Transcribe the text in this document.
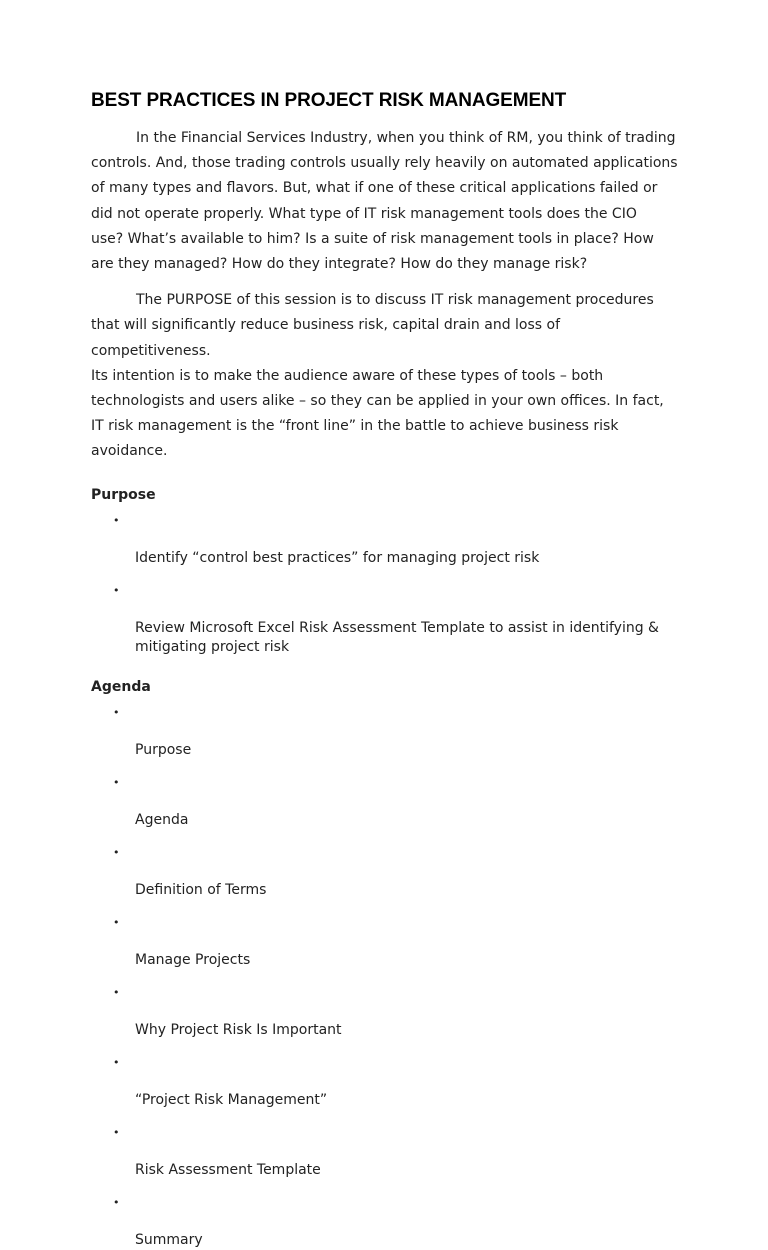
BEST PRACTICES IN PROJECT RISK MANAGEMENT

In the Financial Services Industry, when you think of RM, you think of trading
controls. And, those trading controls usually rely heavily on automated applications
of many types and flavors. But, what if one of these critical applications failed or
did not operate properly. What type of IT risk management tools does the CIO
use? What’s available to him? Is a suite of risk management tools in place? How
are they managed? How do they integrate? How do they manage risk?

The PURPOSE of this session is to discuss IT risk management procedures
that will significantly reduce business risk, capital drain and loss of competitiveness.
Its intention is to make the audience aware of these types of tools – both
technologists and users alike – so they can be applied in your own offices. In fact,
IT risk management is the “front line” in the battle to achieve business risk
avoidance.

Purpose

•

Identify “control best practices” for managing project risk

•

Review Microsoft Excel Risk Assessment Template to assist in identifying &
mitigating project risk

Agenda

•

Purpose

•

Agenda

•

Definition of Terms

•

Manage Projects

•

Why Project Risk Is Important

•

“Project Risk Management”

•

Risk Assessment Template

•

Summary
